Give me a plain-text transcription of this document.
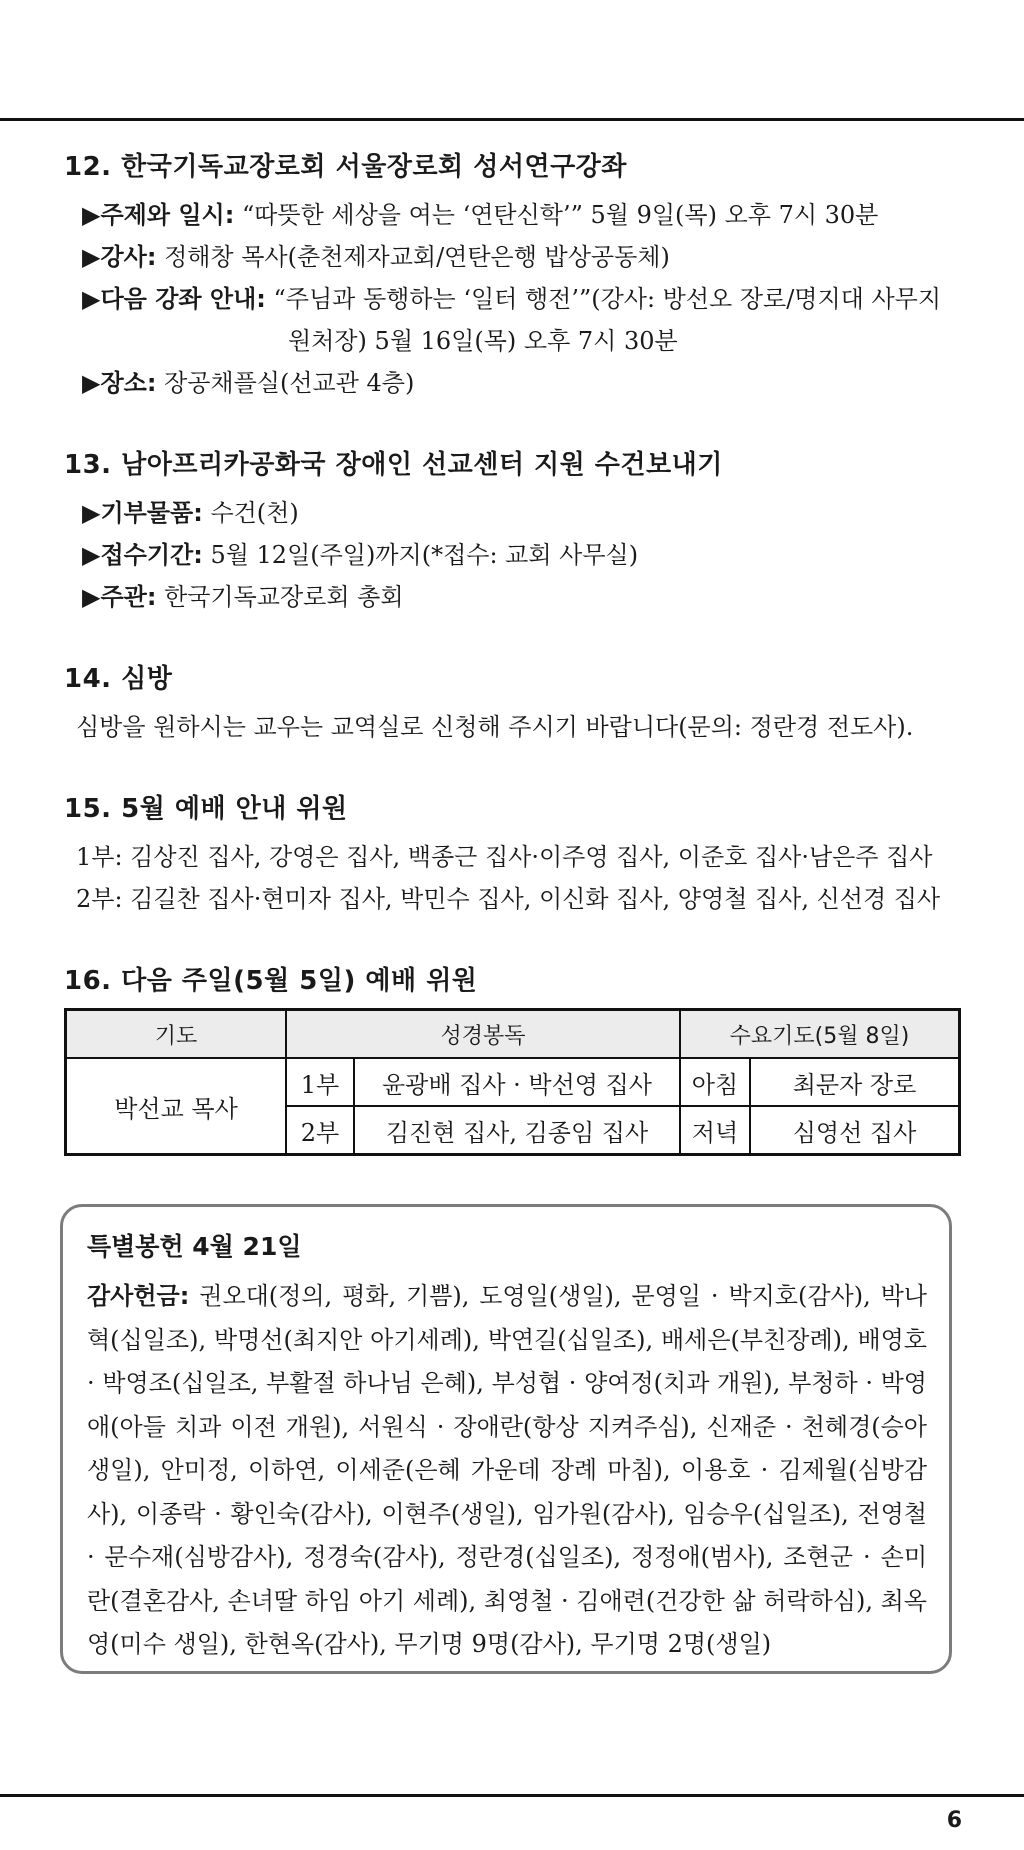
12. 한국기독교장로회 서울장로회 성서연구강좌
▶주제와 일시: “따뜻한 세상을 여는 ‘연탄신학’” 5월 9일(목) 오후 7시 30분
▶강사: 정해창 목사(춘천제자교회/연탄은행 밥상공동체)
▶다음 강좌 안내: “주님과 동행하는 ‘일터 행전’”(강사: 방선오 장로/명지대 사무지
원처장) 5월 16일(목) 오후 7시 30분
▶장소: 장공채플실(선교관 4층)
13. 남아프리카공화국 장애인 선교센터 지원 수건보내기
▶기부물품: 수건(천)
▶접수기간: 5월 12일(주일)까지(*접수: 교회 사무실)
▶주관: 한국기독교장로회 총회
14. 심방
심방을 원하시는 교우는 교역실로 신청해 주시기 바랍니다(문의: 정란경 전도사).
15. 5월 예배 안내 위원
1부: 김상진 집사, 강영은 집사, 백종근 집사·이주영 집사, 이준호 집사·남은주 집사
2부: 김길찬 집사·현미자 집사, 박민수 집사, 이신화 집사, 양영철 집사, 신선경 집사
16. 다음 주일(5월 5일) 예배 위원
기도	성경봉독		수요기도(5월 8일)	
박선교 목사	1부	윤광배 집사 · 박선영 집사	아침	최문자 장로
	2부	김진현 집사, 김종임 집사	저녁	심영선 집사
특별봉헌 4월 21일
감사헌금: 권오대(정의, 평화, 기쁨), 도영일(생일), 문영일 · 박지호(감사), 박나혁(십일조), 박명선(최지안 아기세례), 박연길(십일조), 배세은(부친장례), 배영호 · 박영조(십일조, 부활절 하나님 은혜), 부성협 · 양여정(치과 개원), 부청하 · 박영애(아들 치과 이전 개원), 서원식 · 장애란(항상 지켜주심), 신재준 · 천혜경(승아 생일), 안미정, 이하연, 이세준(은혜 가운데 장례 마침), 이용호 · 김제월(심방감사), 이종락 · 황인숙(감사), 이현주(생일), 임가원(감사), 임승우(십일조), 전영철 · 문수재(심방감사), 정경숙(감사), 정란경(십일조), 정정애(범사), 조현군 · 손미란(결혼감사, 손녀딸 하임 아기 세례), 최영철 · 김애련(건강한 삶 허락하심), 최옥영(미수 생일), 한현옥(감사), 무기명 9명(감사), 무기명 2명(생일)
6
